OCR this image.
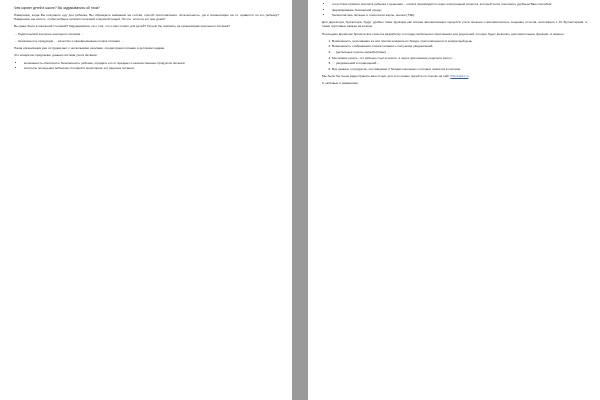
Чем кормят детей в школе? Вы задумывались об этом?

Наверняка, когда Вы покупаете еду для ребенка, Вы обращаете внимание на состав, способ приготовления, питательность, да и элементарно на то, нравится ли это ребенку? Наверняка, вы хотите, чтобы ребенок питался полезной и вкусной пищей. Но что, если он ест вне дома?

Вы даже были в школьной столовой? Задумывались ли о том, что и как готовят для детей? Хотели бы повлиять на организацию школьного питания?

… Родительский контроль школьного питания …

… безопасность продукции … качество и своевременная оплата питания …

Наша организация уже сотрудничает с несколькими школами, операторами питания и детскими садами.

Что конкретно предлагает данная система учета питания:

• возможность обеспечить безопасность ребенка, оградить его от вредных и некачественных продуктов питания;
• контроль посещения ребенком столовой и мониторинг его рациона питания;
• отсутствие прямого контакта ребенка с деньгами – оплата производится через электронный кошелек, который легко пополнить удобным Вам способом;
• формирование безопасной среды;
• бесконтактное питание и технологии карты, кнопки (ТЭК).

Для директора, бухгалтера, будут удобны такие функции как полная автоматизация процесса учета питания и автоматическое создание отчетов, интеграция с 1С Бухгалтерией, а также групповые заказы на классы.

Последние время мы бросили все силы на разработку и отладку мобильного приложения для родителей, которое будет включать дополнительные функции. А именно:

1. Возможность голосования за или против конкретного блюда, приготовленного в конкретный день.
2. Возможность отображения списка питания и получения уведомлений.
3. … (детальные пункты неразборчивы) …
4. Мы можем узнать, что ребенок съел в школе, и через приложение родители смогут …
5. … уведомлений и оповещений …
6. Все данные о продуктах, поставщиках и блюдах школьных столовых хранятся в системе.

Мы были бы очень рады принять ваш отзыв, для чего можно перейти по ссылке на сайт http://qp21.ru

С любовью и уважением,
